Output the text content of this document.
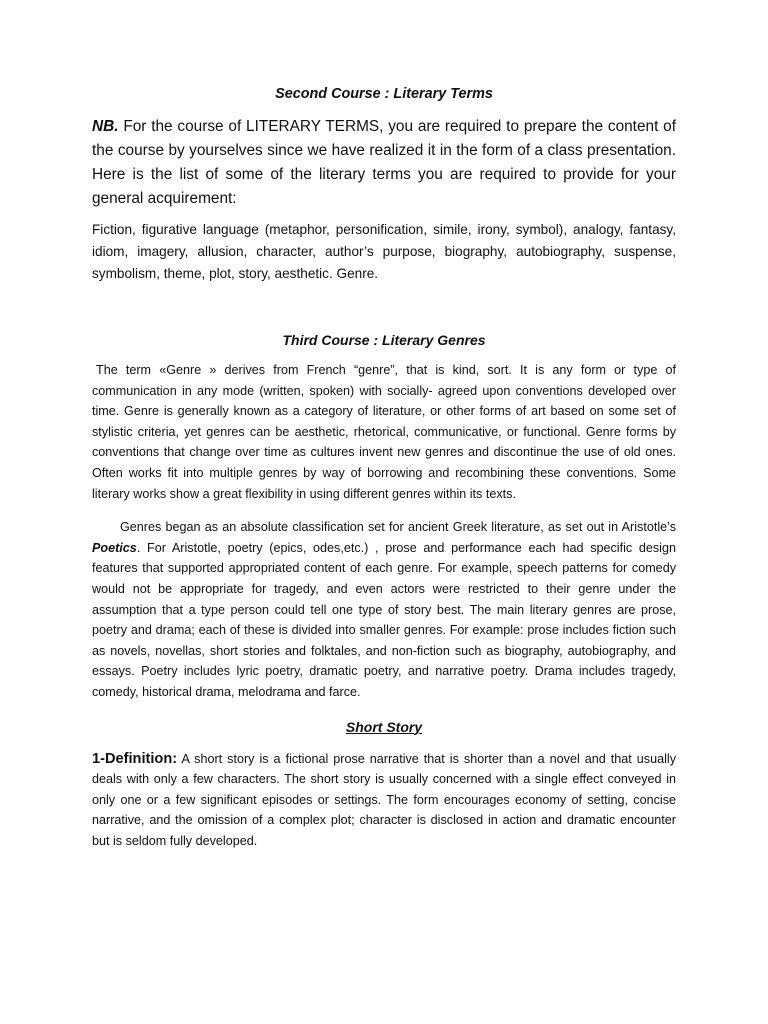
Second Course : Literary Terms

NB. For the course of LITERARY TERMS, you are required to prepare the content of the course by yourselves since we have realized it in the form of a class presentation. Here is the list of some of the literary terms you are required to provide for your general acquirement:

Fiction, figurative language (metaphor, personification, simile, irony, symbol), analogy, fantasy, idiom, imagery, allusion, character, author’s purpose, biography, autobiography, suspense, symbolism, theme, plot, story, aesthetic. Genre.

Third Course : Literary Genres

The term «Genre » derives from French “genre”, that is kind, sort. It is any form or type of communication in any mode (written, spoken) with socially- agreed upon conventions developed over time. Genre is generally known as a category of literature, or other forms of art based on some set of stylistic criteria, yet genres can be aesthetic, rhetorical, communicative, or functional. Genre forms by conventions that change over time as cultures invent new genres and discontinue the use of old ones. Often works fit into multiple genres by way of borrowing and recombining these conventions. Some literary works show a great flexibility in using different genres within its texts.

Genres began as an absolute classification set for ancient Greek literature, as set out in Aristotle’s Poetics. For Aristotle, poetry (epics, odes,etc.) , prose and performance each had specific design features that supported appropriated content of each genre. For example, speech patterns for comedy would not be appropriate for tragedy, and even actors were restricted to their genre under the assumption that a type person could tell one type of story best. The main literary genres are prose, poetry and drama; each of these is divided into smaller genres. For example: prose includes fiction such as novels, novellas, short stories and folktales, and non-fiction such as biography, autobiography, and essays. Poetry includes lyric poetry, dramatic poetry, and narrative poetry. Drama includes tragedy, comedy, historical drama, melodrama and farce.

Short Story

1-Definition: A short story is a fictional prose narrative that is shorter than a novel and that usually deals with only a few characters. The short story is usually concerned with a single effect conveyed in only one or a few significant episodes or settings. The form encourages economy of setting, concise narrative, and the omission of a complex plot; character is disclosed in action and dramatic encounter but is seldom fully developed.
